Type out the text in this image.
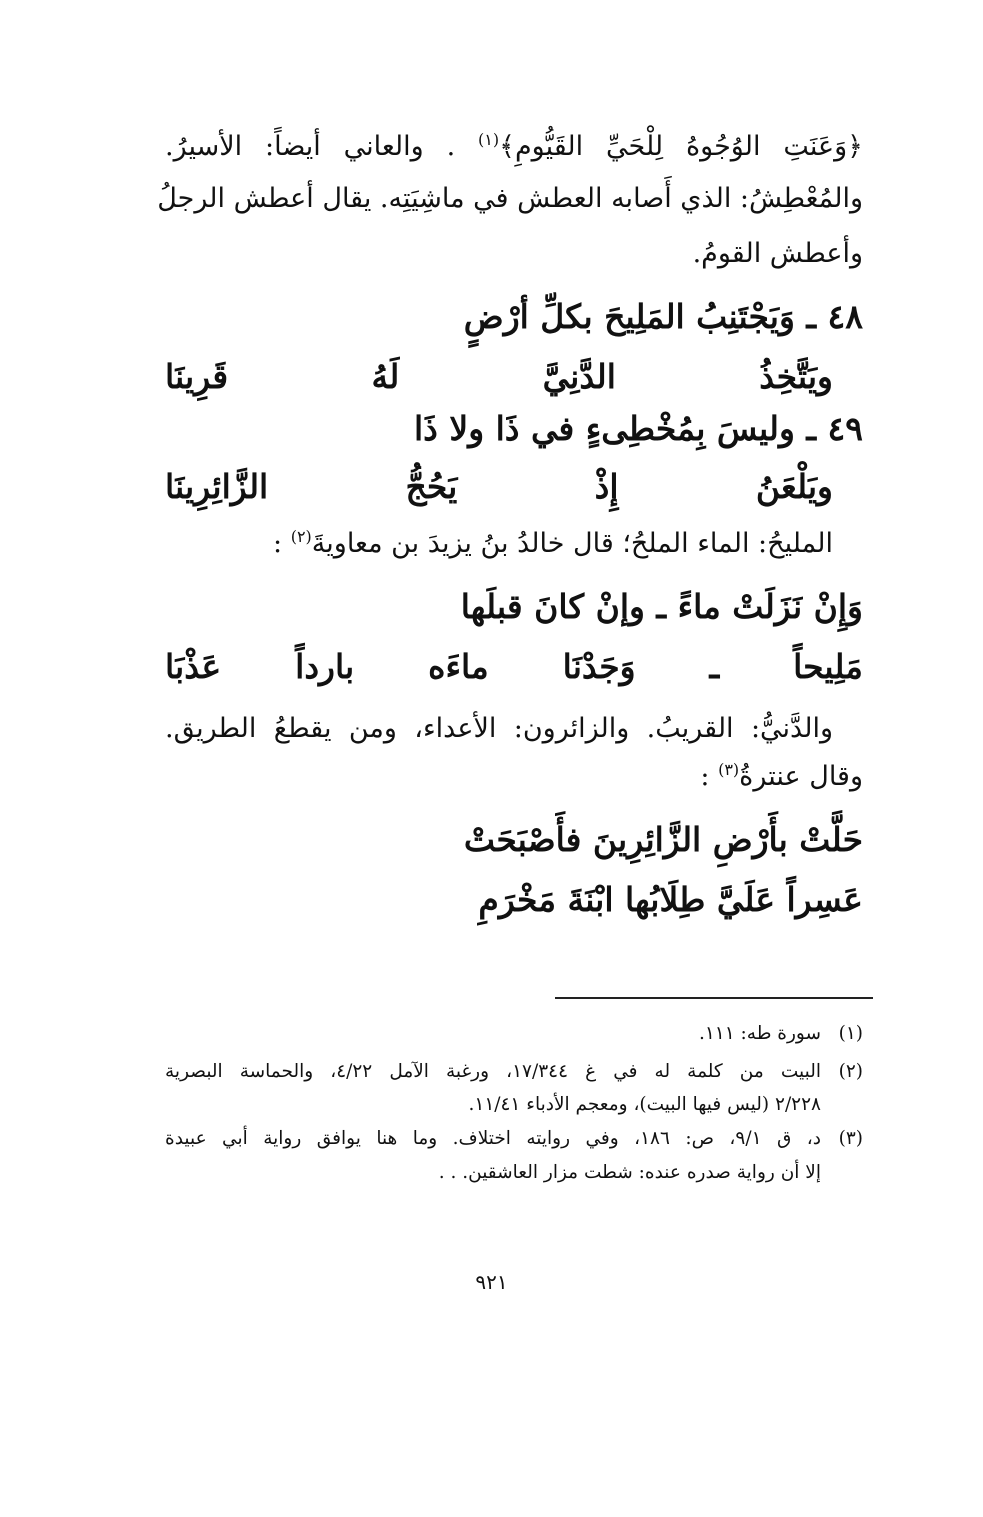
﴿وَعَنَتِ الوُجُوهُ لِلْحَيِّ القَيُّومِ﴾$^{(١)}$ . والعاني أيضاً: الأسيرُ.
والمُعْطِشُ: الذي أَصابه العطش في ماشِيَتِه. يقال أعطش الرجلُ
وأعطش القومُ.
٤٨ ـ وَيَجْتَنِبُ المَلِيحَ بكلِّ أرْضٍ
ويَتَّخِذُ الدَّنِيَّ لَهُ قَرِينَا
٤٩ ـ وليسَ بِمُخْطِىءٍ في ذَا ولا ذَا
ويَلْعَنُ إِذْ يَحُجُّ الزَّائِرِينَا
المليحُ: الماء الملحُ؛ قال خالدُ بنُ يزيدَ بن معاويةَ$^{(٢)}$ :
وَإِنْ نَزَلَتْ ماءً ـ وإنْ كانَ قبلَها
مَلِيحاً ـ وَجَدْنَا ماءَه بارداً عَذْبَا
والدَّنيُّ: القريبُ. والزائرون: الأعداء، ومن يقطعُ الطريق.
وقال عنترةُ$^{(٣)}$ :
حَلَّتْ بأَرْضِ الزَّائِرِينَ فأَصْبَحَتْ
عَسِراً عَلَيَّ طِلَابُها ابْنَةَ مَخْرَمِ
(١)سورة طه: ١١١.
(٢)البيت من كلمة له في غ ١٧/٣٤٤، ورغبة الآمل ٤/٢٢، والحماسة البصرية
٢/٢٢٨ (ليس فيها البيت)، ومعجم الأدباء ١١/٤١.
(٣)د، ق ٩/١، ص: ١٨٦، وفي روايته اختلاف. وما هنا يوافق رواية أبي عبيدة
إلا أن رواية صدره عنده: شطت مزار العاشقين. . .
٩٢١
